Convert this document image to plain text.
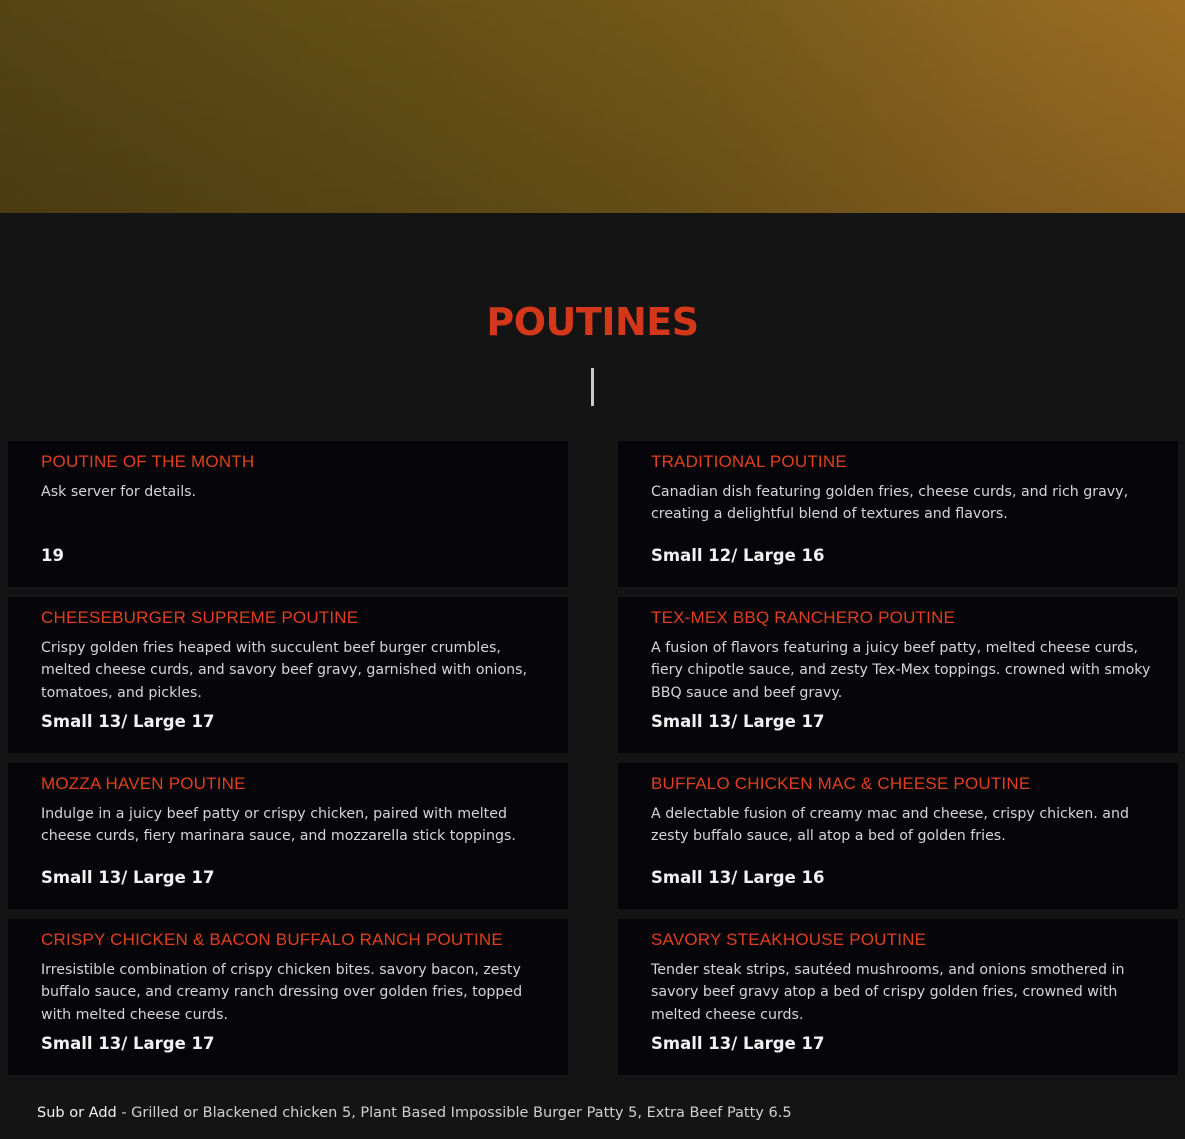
POUTINES
POUTINE OF THE MONTH
Ask server for details.
19
TRADITIONAL POUTINE
Canadian dish featuring golden fries, cheese curds, and rich gravy, creating a delightful blend of textures and flavors.
Small 12/ Large 16
CHEESEBURGER SUPREME POUTINE
Crispy golden fries heaped with succulent beef burger crumbles, melted cheese curds, and savory beef gravy, garnished with onions, tomatoes, and pickles.
Small 13/ Large 17
TEX-MEX BBQ RANCHERO POUTINE
A fusion of flavors featuring a juicy beef patty, melted cheese curds, fiery chipotle sauce, and zesty Tex-Mex toppings. crowned with smoky BBQ sauce and beef gravy.
Small 13/ Large 17
MOZZA HAVEN POUTINE
Indulge in a juicy beef patty or crispy chicken, paired with melted cheese curds, fiery marinara sauce, and mozzarella stick toppings.
Small 13/ Large 17
BUFFALO CHICKEN MAC & CHEESE POUTINE
A delectable fusion of creamy mac and cheese, crispy chicken. and zesty buffalo sauce, all atop a bed of golden fries.
Small 13/ Large 16
CRISPY CHICKEN & BACON BUFFALO RANCH POUTINE
Irresistible combination of crispy chicken bites. savory bacon, zesty buffalo sauce, and creamy ranch dressing over golden fries, topped with melted cheese curds.
Small 13/ Large 17
SAVORY STEAKHOUSE POUTINE
Tender steak strips, sautéed mushrooms, and onions smothered in savory beef gravy atop a bed of crispy golden fries, crowned with melted cheese curds.
Small 13/ Large 17
Sub or Add - Grilled or Blackened chicken 5, Plant Based Impossible Burger Patty 5, Extra Beef Patty 6.5
